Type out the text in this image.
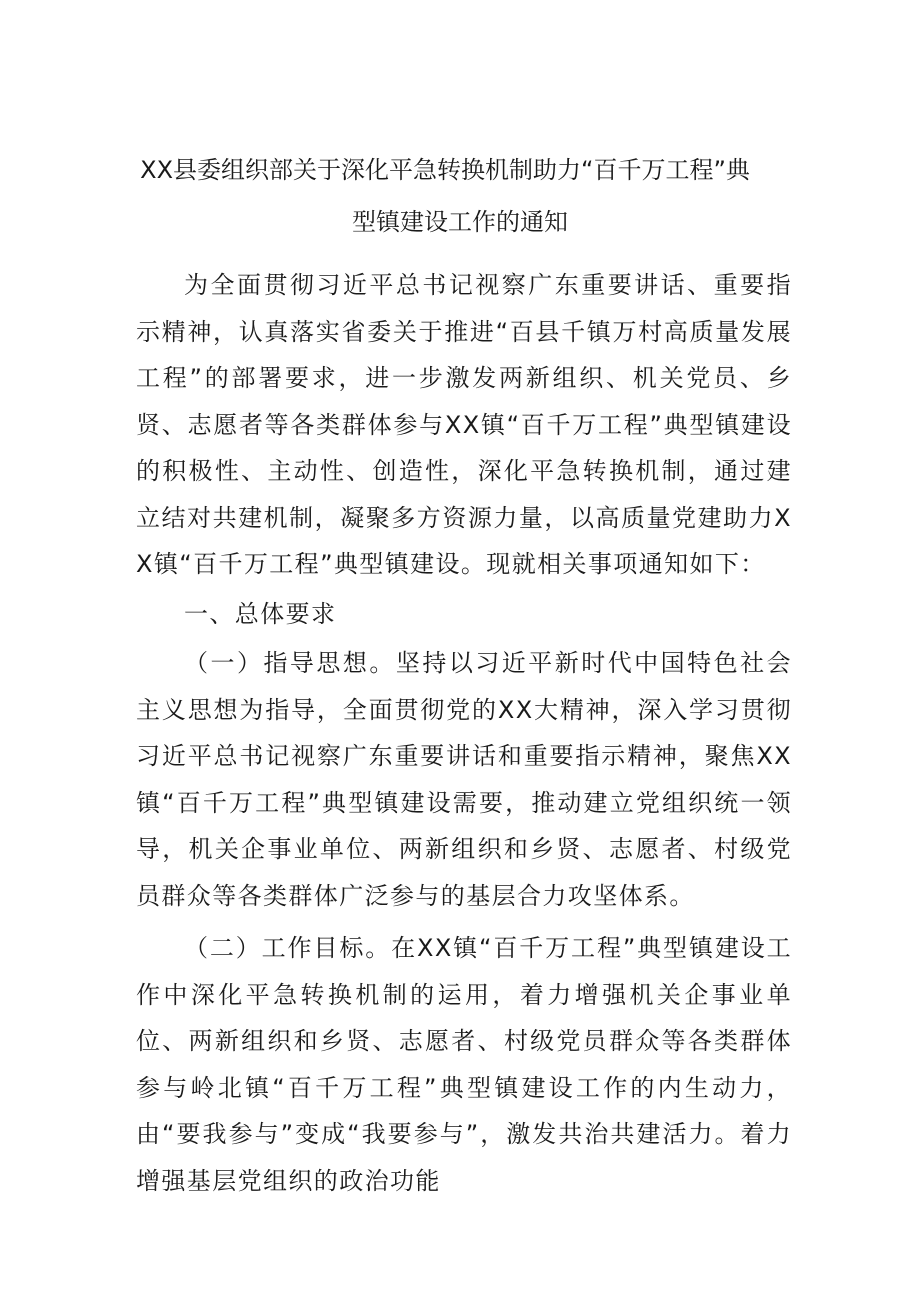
XX县委组织部关于深化平急转换机制助力“百千万工程”典
型镇建设工作的通知

为全面贯彻习近平总书记视察广东重要讲话、重要指示精神，认真落实省委关于推进“百县千镇万村高质量发展工程”的部署要求，进一步激发两新组织、机关党员、乡贤、志愿者等各类群体参与XX镇“百千万工程”典型镇建设的积极性、主动性、创造性，深化平急转换机制，通过建立结对共建机制，凝聚多方资源力量，以高质量党建助力XX镇“百千万工程”典型镇建设。现就相关事项通知如下：

一、总体要求

（一）指导思想。坚持以习近平新时代中国特色社会主义思想为指导，全面贯彻党的XX大精神，深入学习贯彻习近平总书记视察广东重要讲话和重要指示精神，聚焦XX镇“百千万工程”典型镇建设需要，推动建立党组织统一领导，机关企事业单位、两新组织和乡贤、志愿者、村级党员群众等各类群体广泛参与的基层合力攻坚体系。

（二）工作目标。在XX镇“百千万工程”典型镇建设工作中深化平急转换机制的运用，着力增强机关企事业单位、两新组织和乡贤、志愿者、村级党员群众等各类群体参与岭北镇“百千万工程”典型镇建设工作的内生动力，由“要我参与”变成“我要参与”，激发共治共建活力。着力增强基层党组织的政治功能
